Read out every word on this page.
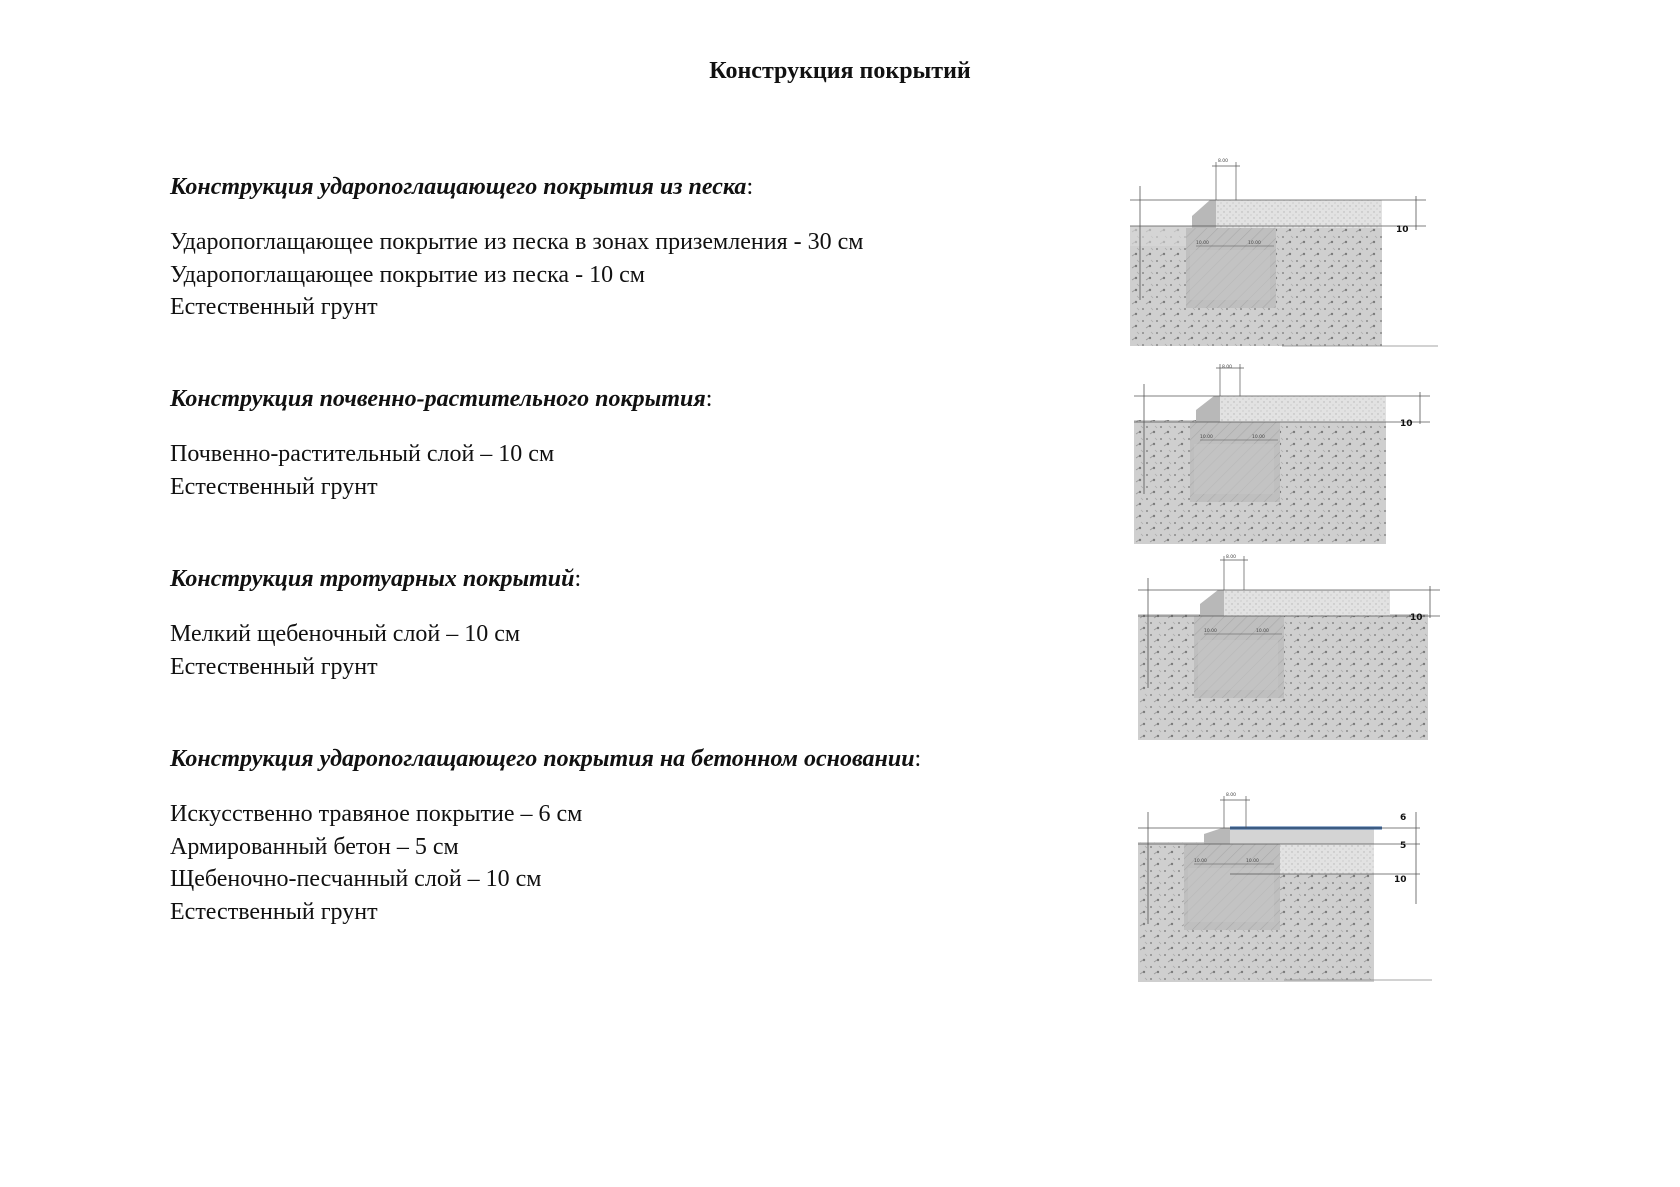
Конструкция покрытий
Конструкция ударопоглащающего покрытия из песка:
Ударопоглащающее покрытие из песка в зонах приземления - 30 см
Ударопоглащающее покрытие из песка - 10 см
Естественный грунт
Конструкция почвенно-растительного покрытия:
Почвенно-растительный слой – 10 см
Естественный грунт
Конструкция тротуарных покрытий:
Мелкий щебеночный слой – 10 см
Естественный грунт
Конструкция ударопоглащающего покрытия на бетонном основании:
Искусственно травяное покрытие – 6 см
Армированный бетон – 5 см
Щебеночно-песчанный слой – 10 см
Естественный грунт
8.00
10.00	10.00
10
8.00
10.00	10.00
10
8.00
10.00	10.00
10
8.00
10.00	10.00
6
5
10
